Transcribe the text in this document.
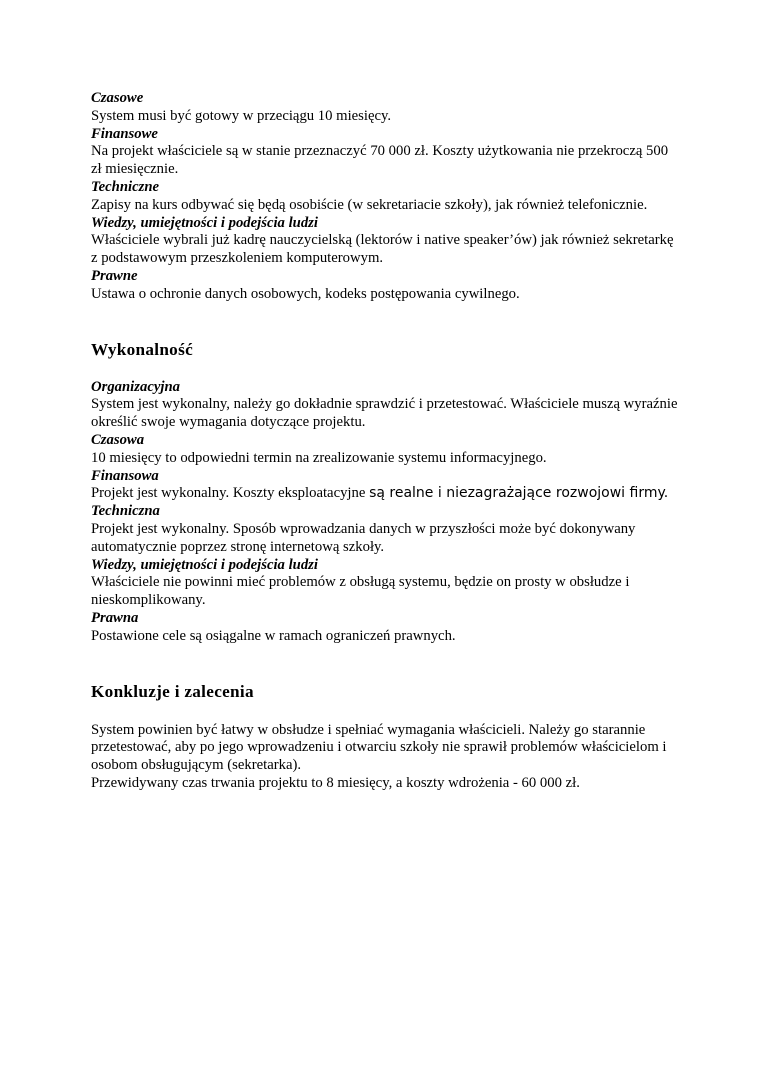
Czasowe

System musi być gotowy w przeciągu 10 miesięcy.

Finansowe

Na projekt właściciele są w stanie przeznaczyć 70 000 zł. Koszty użytkowania nie przekroczą 500 zł miesięcznie.

Techniczne

Zapisy na kurs odbywać się będą osobiście (w sekretariacie szkoły), jak również telefonicznie.

Wiedzy, umiejętności i podejścia ludzi

Właściciele wybrali już kadrę nauczycielską (lektorów i native speaker’ów) jak również sekretarkę z podstawowym przeszkoleniem komputerowym.

Prawne

Ustawa o ochronie danych osobowych, kodeks postępowania cywilnego.

Wykonalność
Organizacyjna

System jest wykonalny, należy go dokładnie sprawdzić i przetestować. Właściciele muszą wyraźnie określić swoje wymagania dotyczące projektu.

Czasowa

10 miesięcy to odpowiedni termin na zrealizowanie systemu informacyjnego.

Finansowa

Projekt jest wykonalny. Koszty eksploatacyjne są realne i niezagrażające rozwojowi firmy. Techniczna

Projekt jest wykonalny. Sposób wprowadzania danych w przyszłości może być dokonywany automatycznie poprzez stronę internetową szkoły.

Wiedzy, umiejętności i podejścia ludzi

Właściciele nie powinni mieć problemów z obsługą systemu, będzie on prosty w obsłudze i nieskomplikowany.

Prawna

Postawione cele są osiągalne w ramach ograniczeń prawnych.

Konkluzje i zalecenia

System powinien być łatwy w obsłudze i spełniać wymagania właścicieli. Należy go starannie przetestować, aby po jego wprowadzeniu i otwarciu szkoły nie sprawił problemów właścicielom i osobom obsługującym (sekretarka).

Przewidywany czas trwania projektu to 8 miesięcy, a koszty wdrożenia - 60 000 zł.
